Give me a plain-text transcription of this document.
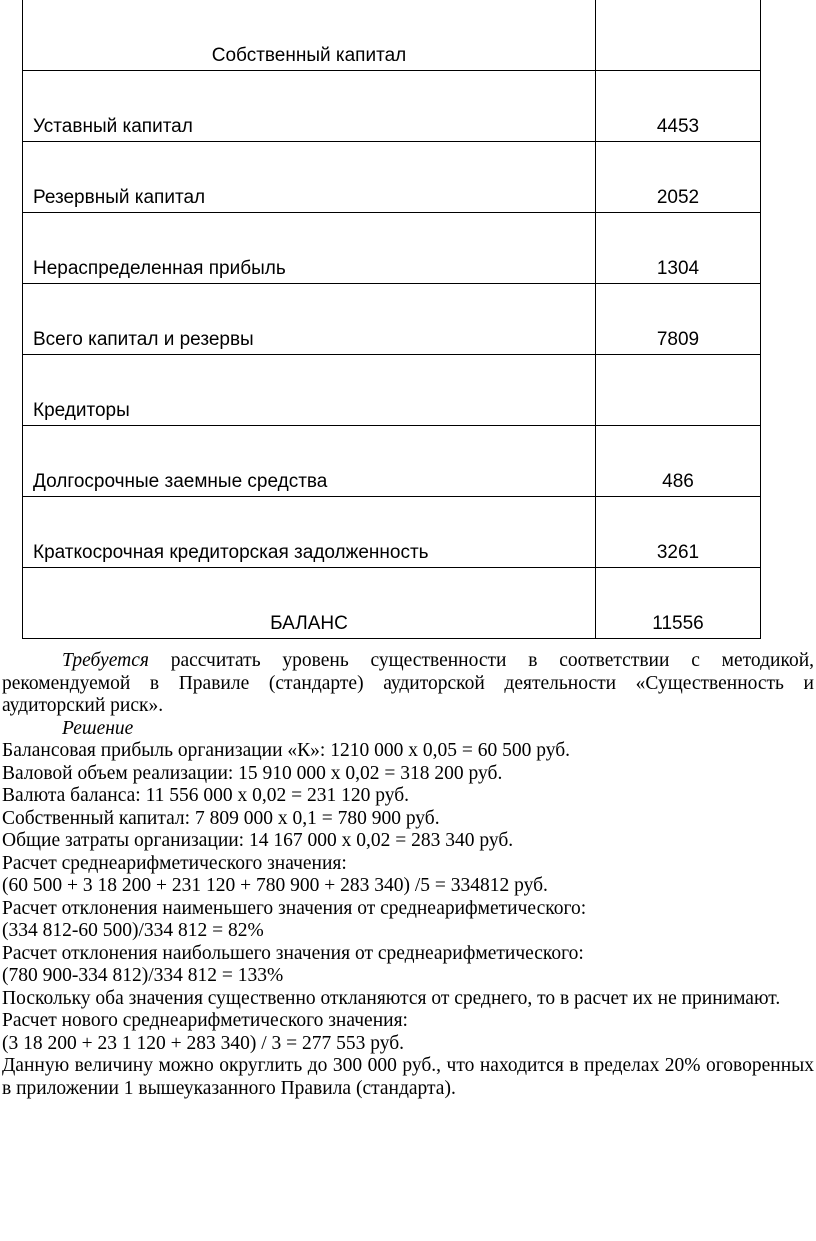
Собственный капитал	
Уставный капитал	4453
Резервный капитал	2052
Нераспределенная прибыль	1304
Всего капитал и резервы	7809
Кредиторы	
Долгосрочные заемные средства	486
Краткосрочная кредиторская задолженность	3261
БАЛАНС	11556

Требуется рассчитать уровень существенности в соответствии с методикой, рекомендуемой в Правиле (стандарте) аудиторской деятельности «Существенность и аудиторский риск».

Решение

Балансовая прибыль организации «К»: 1210 000 х 0,05 = 60 500 руб.

Валовой объем реализации: 15 910 000 х 0,02 = 318 200 руб.

Валюта баланса: 11 556 000 х 0,02 = 231 120 руб.

Собственный капитал: 7 809 000 х 0,1 = 780 900 руб.

Общие затраты организации: 14 167 000 х 0,02 = 283 340 руб.

Расчет среднеарифметического значения:

(60 500 + 3 18 200 + 231 120 + 780 900 + 283 340) /5 = 334812 руб.

Расчет отклонения наименьшего значения от среднеарифметического:

(334 812-60 500)/334 812 = 82%

Расчет отклонения наибольшего значения от среднеарифметического:

(780 900-334 812)/334 812 = 133%

Поскольку оба значения существенно откланяются от среднего, то в расчет их не принимают.

Расчет нового среднеарифметического значения:

(3 18 200 + 23 1 120 + 283 340) / 3 = 277 553 руб.

Данную величину можно округлить до 300 000 руб., что находится в пределах 20% оговоренных в приложении 1 вышеуказанного Правила (стандарта).
